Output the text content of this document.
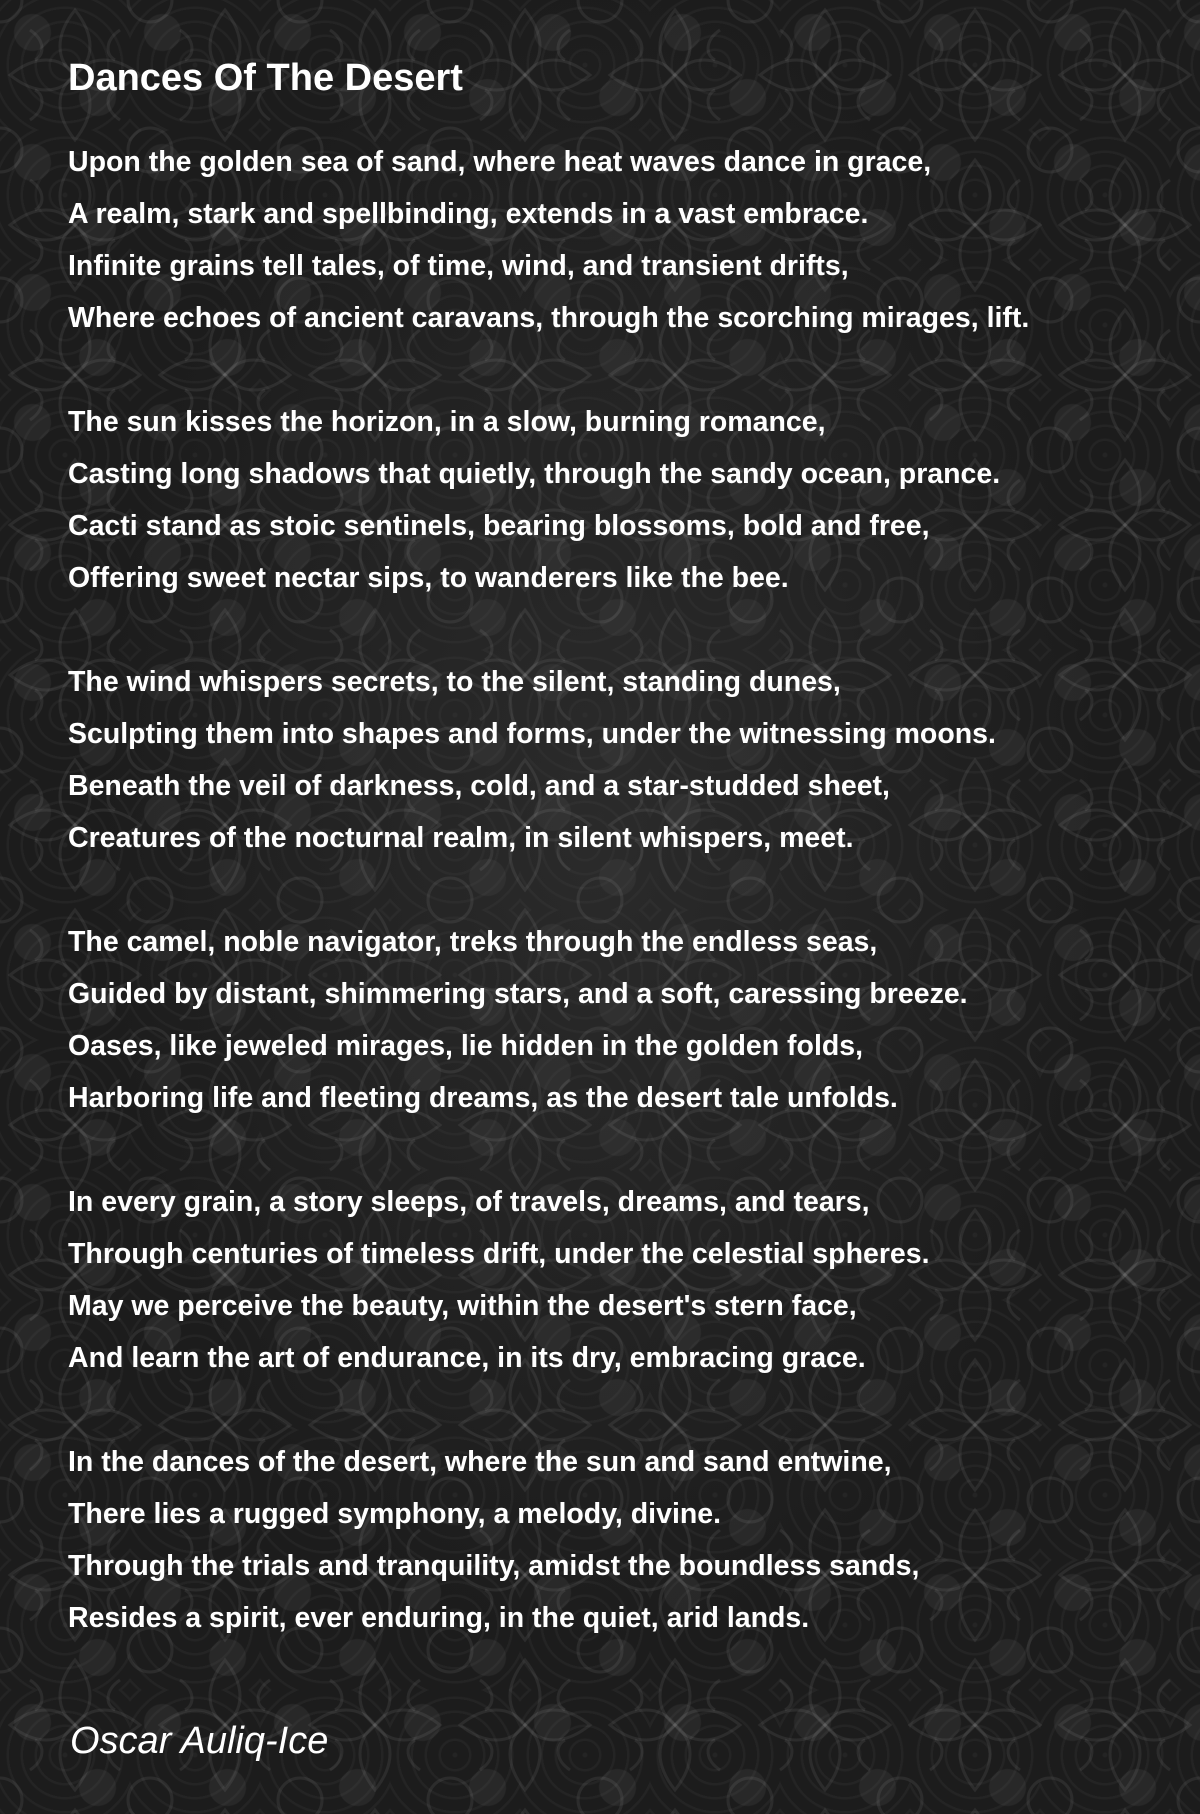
Dances Of The Desert
Upon the golden sea of sand, where heat waves dance in grace,
A realm, stark and spellbinding, extends in a vast embrace.
Infinite grains tell tales, of time, wind, and transient drifts,
Where echoes of ancient caravans, through the scorching mirages, lift.
The sun kisses the horizon, in a slow, burning romance,
Casting long shadows that quietly, through the sandy ocean, prance.
Cacti stand as stoic sentinels, bearing blossoms, bold and free,
Offering sweet nectar sips, to wanderers like the bee.
The wind whispers secrets, to the silent, standing dunes,
Sculpting them into shapes and forms, under the witnessing moons.
Beneath the veil of darkness, cold, and a star-studded sheet,
Creatures of the nocturnal realm, in silent whispers, meet.
The camel, noble navigator, treks through the endless seas,
Guided by distant, shimmering stars, and a soft, caressing breeze.
Oases, like jeweled mirages, lie hidden in the golden folds,
Harboring life and fleeting dreams, as the desert tale unfolds.
In every grain, a story sleeps, of travels, dreams, and tears,
Through centuries of timeless drift, under the celestial spheres.
May we perceive the beauty, within the desert's stern face,
And learn the art of endurance, in its dry, embracing grace.
In the dances of the desert, where the sun and sand entwine,
There lies a rugged symphony, a melody, divine.
Through the trials and tranquility, amidst the boundless sands,
Resides a spirit, ever enduring, in the quiet, arid lands.
Oscar Auliq-Ice
